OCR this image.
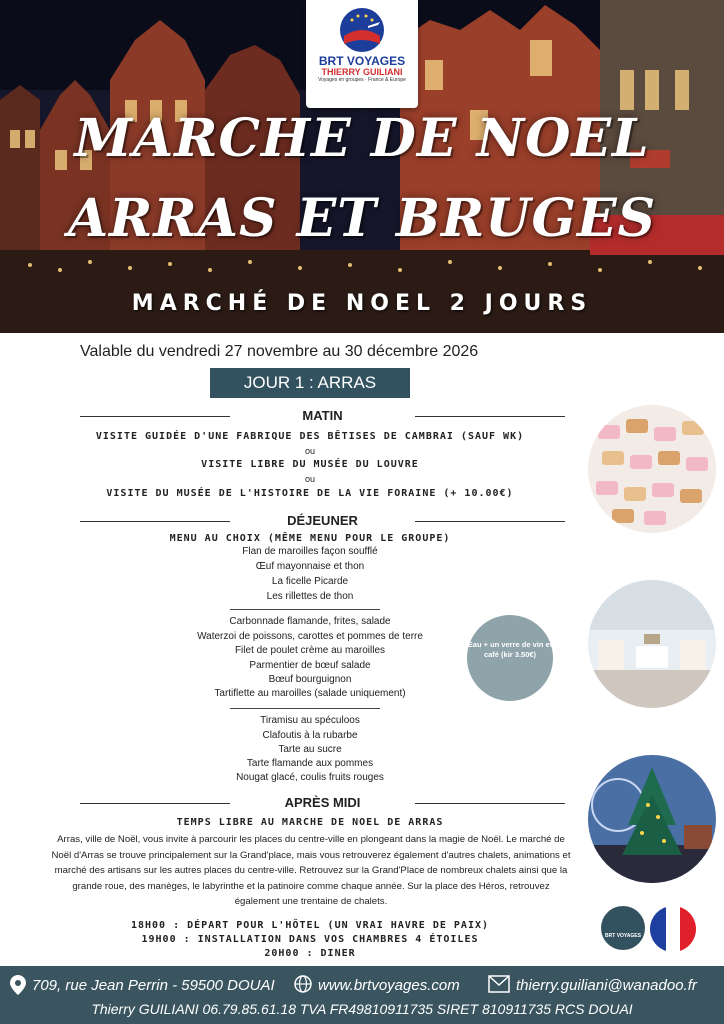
BRT VOYAGES
THIERRY GUILIANI
Voyages en groupes · France & Europe
MARCHE DE NOEL
ARRAS ET BRUGES
MARCHÉ DE NOEL 2 JOURS
Valable du vendredi 27 novembre au 30 décembre 2026
JOUR 1 : ARRAS
MATIN
VISITE GUIDÉE D'UNE FABRIQUE DES BÊTISES DE CAMBRAI (SAUF WK)
ou
VISITE LIBRE DU MUSÉE DU LOUVRE
ou
VISITE DU MUSÉE DE L'HISTOIRE DE LA VIE FORAINE (+ 10.00€)
DÉJEUNER
MENU AU CHOIX (MÊME MENU POUR LE GROUPE)
Flan de maroilles façon soufflé
Œuf mayonnaise et thon
La ficelle Picarde
Les rillettes de thon
Carbonnade flamande, frites, salade
Waterzoi de poissons, carottes et pommes de terre
Filet de poulet crème au maroilles
Parmentier de bœuf salade
Bœuf bourguignon
Tartiflette au maroilles (salade uniquement)
Tiramisu au spéculoos
Clafoutis à la rubarbe
Tarte au sucre
Tarte flamande aux pommes
Nougat glacé, coulis fruits rouges
Eau + un verre de vin et café (kir 3.50€)
APRÈS MIDI
TEMPS LIBRE AU MARCHE DE NOEL DE ARRAS
Arras, ville de Noël, vous invite à parcourir les places du centre-ville en plongeant dans la magie de Noël. Le marché de Noël d'Arras se trouve principalement sur la Grand'place, mais vous retrouverez également d'autres chalets, animations et marché des artisans sur les autres places du centre-ville. Retrouvez sur la Grand'Place de nombreux chalets ainsi que la grande roue, des manèges, le labyrinthe et la patinoire comme chaque année. Sur la place des Héros, retrouvez également une trentaine de chalets.
18H00 : DÉPART POUR L'HÔTEL (UN VRAI HAVRE DE PAIX)
19H00 : INSTALLATION DANS VOS CHAMBRES 4 ÉTOILES
20H00 : DINER
BRT VOYAGES
709, rue Jean Perrin - 59500 DOUAI	www.brtvoyages.com	thierry.guiliani@wanadoo.fr
Thierry GUILIANI 06.79.85.61.18 TVA FR49810911735 SIRET 810911735 RCS DOUAI
